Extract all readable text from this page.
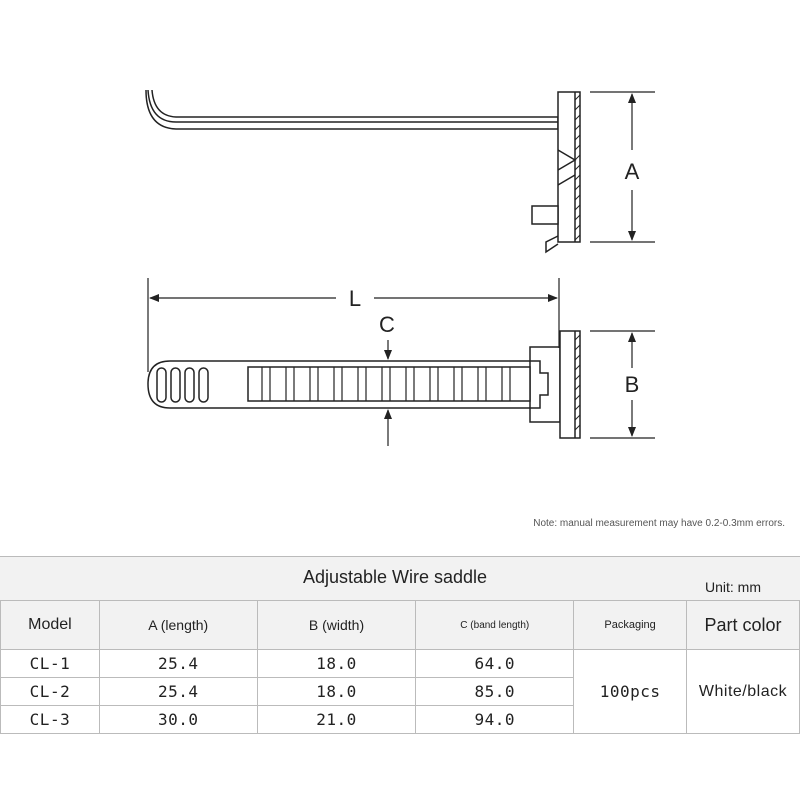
A
L
C
B
Note: manual measurement may have 0.2-0.3mm errors.
Adjustable Wire saddle	Unit: mm
Model	A (length)	B (width)	C (band length)	Packaging	Part color
CL-1	25.4	18.0	64.0	100pcs	White/black
CL-2	25.4	18.0	85.0		
CL-3	30.0	21.0	94.0		
